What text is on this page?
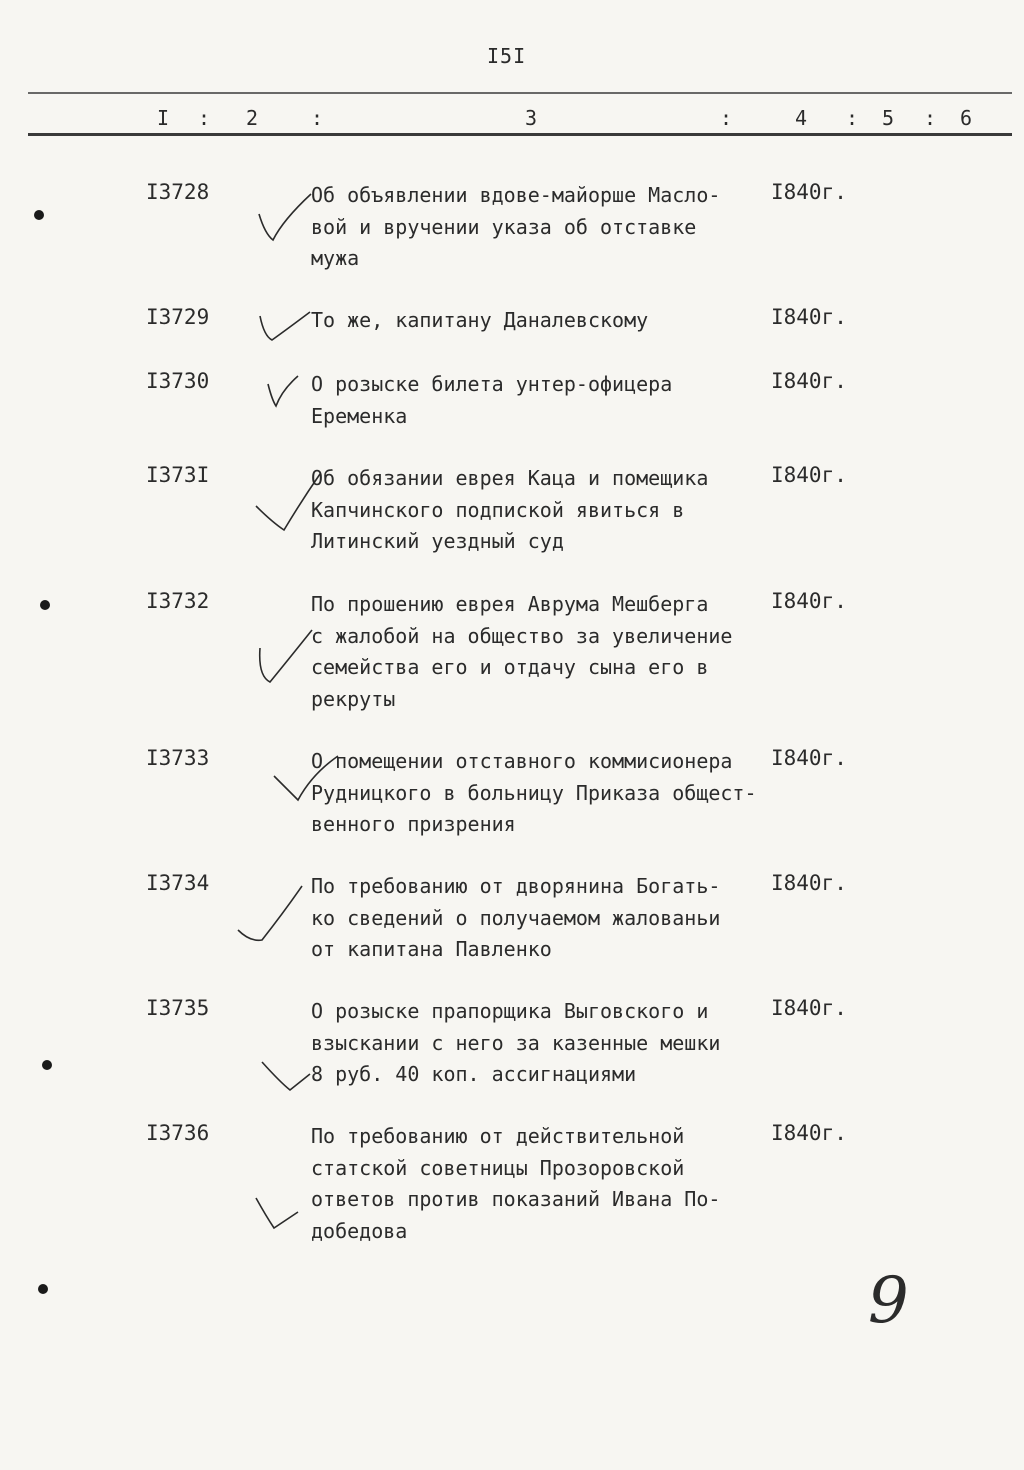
I5I
I : 2	:	3	:	4 : 5 : 6
I3728	Об объявлении вдове-майорше Масло-
вой и вручении указа об отставке
мужа
I840г.
I3729	То же, капитану Даналевскому	I840г.
I3730	О розыске билета унтер-офицера
Еременка
I840г.
I373I	Об обязании еврея Каца и помещика
Капчинского подпиской явиться в
Литинский уездный суд
I840г.
I3732	По прошению еврея Аврума Мешберга
с жалобой на общество за увеличение
семейства его и отдачу сына его в
рекруты
I840г.
I3733	О помещении отставного коммисионера
Рудницкого в больницу Приказа общест-
венного призрения
I840г.
I3734	По требованию от дворянина Богать-
ко сведений о получаемом жалованьи
от капитана Павленко
I840г.
I3735	О розыске прапорщика Выговского и
взыскании с него за казенные мешки
8 руб. 40 коп. ассигнациями
I840г.
I3736	По требованию от действительной
статской советницы Прозоровской
ответов против показаний Ивана По-
добедова
I840г.
9
